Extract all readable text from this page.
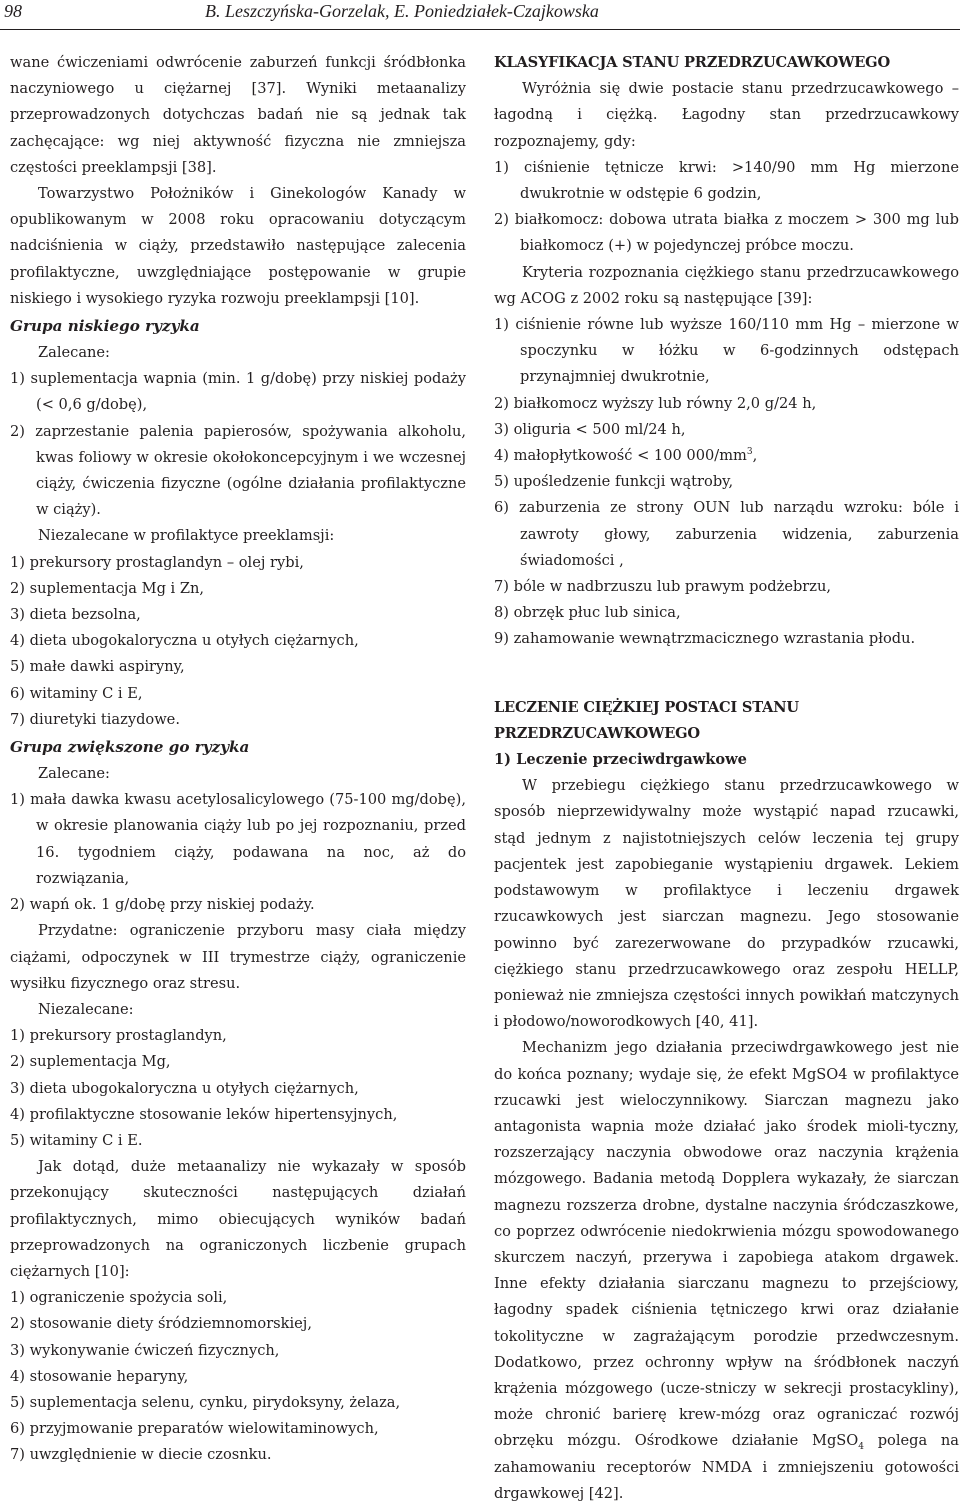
98	B. Leszczyńska-Gorzelak, E. Poniedziałek-Czajkowska

wane ćwiczeniami odwrócenie zaburzeń funkcji śródbłonka naczyniowego u ciężarnej [37]. Wyniki metaanalizy przeprowadzonych dotychczas badań nie są jednak tak zachęcające: wg niej aktywność fizyczna nie zmniejsza częstości preeklampsji [38].

Towarzystwo Położników i Ginekologów Kanady w opublikowanym w 2008 roku opracowaniu dotyczącym nadciśnienia w ciąży, przedstawiło następujące zalecenia profilaktyczne, uwzględniające postępowanie w grupie niskiego i wysokiego ryzyka rozwoju preeklampsji [10].

Grupa niskiego ryzyka

Zalecane:

1) suplementacja wapnia (min. 1 g/dobę) przy niskiej podaży (< 0,6 g/dobę),
2) zaprzestanie palenia papierosów, spożywania alkoholu, kwas foliowy w okresie okołokoncepcyjnym i we wczesnej ciąży, ćwiczenia fizyczne (ogólne działania profilaktyczne w ciąży).

Niezalecane w profilaktyce preeklamsji:

1) prekursory prostaglandyn – olej rybi,
2) suplementacja Mg i Zn,
3) dieta bezsolna,
4) dieta ubogokaloryczna u otyłych ciężarnych,
5) małe dawki aspiryny,
6) witaminy C i E,
7) diuretyki tiazydowe.

Grupa zwiększone go ryzyka

Zalecane:

1) mała dawka kwasu acetylosalicylowego (75-100 mg/dobę), w okresie planowania ciąży lub po jej rozpoznaniu, przed 16. tygodniem ciąży, podawana na noc, aż do rozwiązania,
2) wapń ok. 1 g/dobę przy niskiej podaży.

Przydatne: ograniczenie przyboru masy ciała między ciążami, odpoczynek w III trymestrze ciąży, ograniczenie wysiłku fizycznego oraz stresu.

Niezalecane:

1) prekursory prostaglandyn,
2) suplementacja Mg,
3) dieta ubogokaloryczna u otyłych ciężarnych,
4) profilaktyczne stosowanie leków hipertensyjnych,
5) witaminy C i E.

Jak dotąd, duże metaanalizy nie wykazały w sposób przekonujący skuteczności następujących działań profilaktycznych, mimo obiecujących wyników badań przeprowadzonych na ograniczonych liczbenie grupach ciężarnych [10]:

1) ograniczenie spożycia soli,
2) stosowanie diety śródziemnomorskiej,
3) wykonywanie ćwiczeń fizycznych,
4) stosowanie heparyny,
5) suplementacja selenu, cynku, pirydoksyny, żelaza,
6) przyjmowanie preparatów wielowitaminowych,
7) uwzględnienie w diecie czosnku.

KLASYFIKACJA STANU PRZEDRZUCAWKOWEGO

Wyróżnia się dwie postacie stanu przedrzucawkowego – łagodną i ciężką. Łagodny stan przedrzucawkowy rozpoznajemy, gdy:

1) ciśnienie tętnicze krwi: >140/90 mm Hg mierzone dwukrotnie w odstępie 6 godzin,
2) białkomocz: dobowa utrata białka z moczem > 300 mg lub białkomocz (+) w pojedynczej próbce moczu.

Kryteria rozpoznania ciężkiego stanu przedrzucawkowego wg ACOG z 2002 roku są następujące [39]:

1) ciśnienie równe lub wyższe 160/110 mm Hg – mierzone w spoczynku w łóżku w 6-godzinnych odstępach przynajmniej dwukrotnie,
2) białkomocz wyższy lub równy 2,0 g/24 h,
3) oliguria < 500 ml/24 h,
4) małopłytkowość < 100 $000/mm^3$,
5) upośledzenie funkcji wątroby,
6) zaburzenia ze strony OUN lub narządu wzroku: bóle i zawroty głowy, zaburzenia widzenia, zaburzenia świadomości ,
7) bóle w nadbrzuszu lub prawym podżebrzu,
8) obrzęk płuc lub sinica,
9) zahamowanie wewnątrzmacicznego wzrastania płodu.

LECZENIE CIĘŻKIEJ POSTACI STANU

PRZEDRZUCAWKOWEGO

1) Leczenie przeciwdrgawkowe

W przebiegu ciężkiego stanu przedrzucawkowego w sposób nieprzewidywalny może wystąpić napad rzucawki, stąd jednym z najistotniejszych celów leczenia tej grupy pacjentek jest zapobieganie wystąpieniu drgawek. Lekiem podstawowym w profilaktyce i leczeniu drgawek rzucawkowych jest siarczan magnezu. Jego stosowanie powinno być zarezerwowane do przypadków rzucawki, ciężkiego stanu przedrzucawkowego oraz zespołu HELLP, ponieważ nie zmniejsza częstości innych powikłań matczynych i płodowo/noworodkowych [40, 41].

Mechanizm jego działania przeciwdrgawkowego jest nie do końca poznany; wydaje się, że efekt MgSO4 w profilaktyce rzucawki jest wieloczynnikowy. Siarczan magnezu jako antagonista wapnia może działać jako środek mioli-tyczny, rozszerzający naczynia obwodowe oraz naczynia krążenia mózgowego. Badania metodą Dopplera wykazały, że siarczan magnezu rozszerza drobne, dystalne naczynia śródczaszkowe, co poprzez odwrócenie niedokrwienia mózgu spowodowanego skurczem naczyń, przerywa i zapobiega atakom drgawek. Inne efekty działania siarczanu magnezu to przejściowy, łagodny spadek ciśnienia tętniczego krwi oraz działanie tokolityczne w zagrażającym porodzie przedwczesnym. Dodatkowo, przez ochronny wpływ na śródbłonek naczyń krążenia mózgowego (ucze-stniczy w sekrecji prostacykliny), może chronić barierę krew-mózg oraz ograniczać rozwój obrzęku mózgu. Ośrodkowe działanie MgSO$_4$ polega na zahamowaniu receptorów NMDA i zmniejszeniu gotowości drgawkowej [42].
